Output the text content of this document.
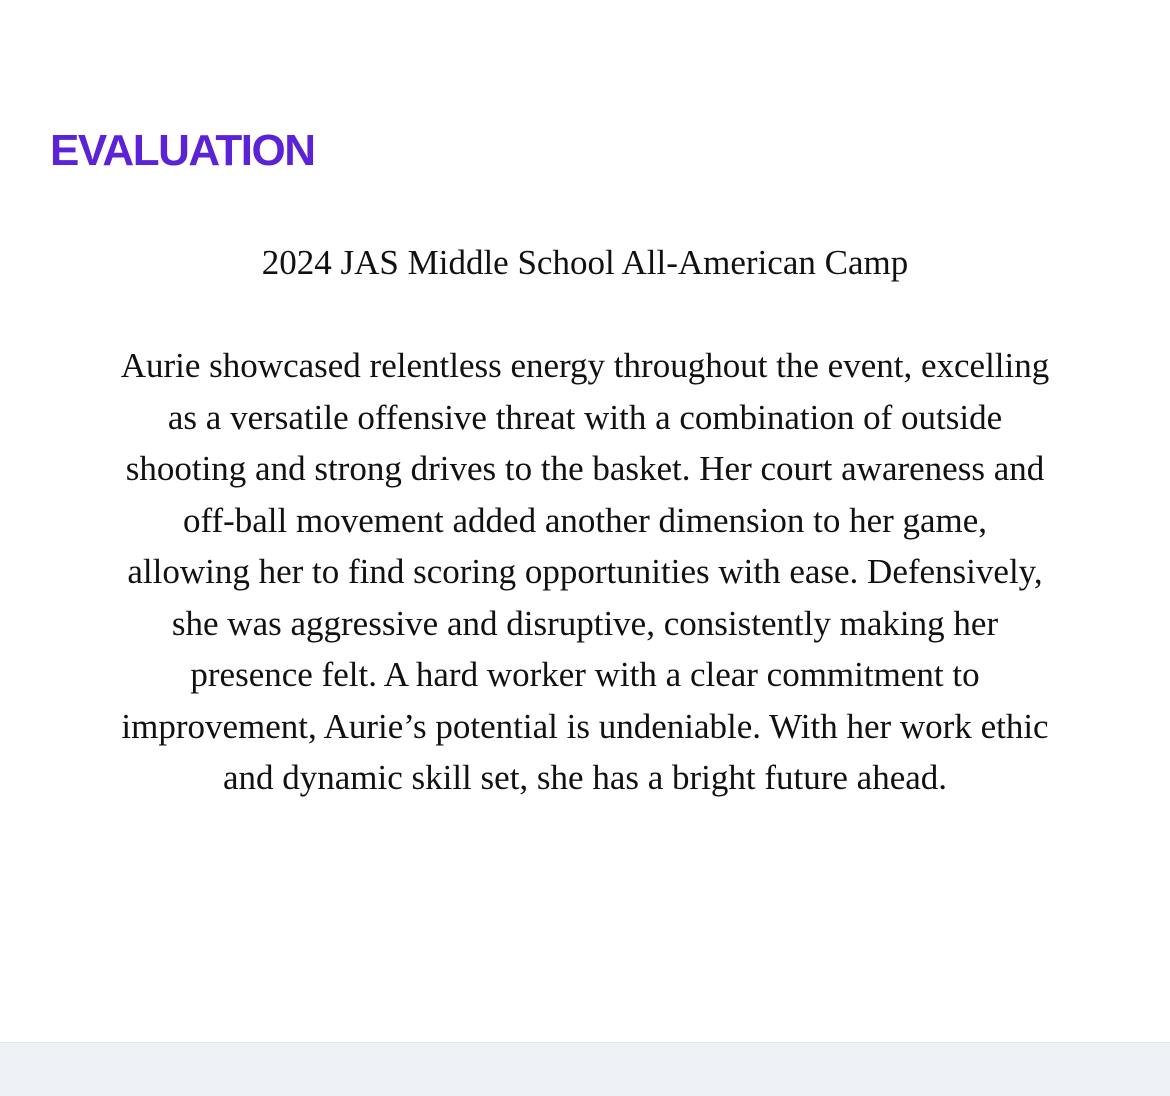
EVALUATION
2024 JAS Middle School All-American Camp

Aurie showcased relentless energy throughout the event, excelling
as a versatile offensive threat with a combination of outside
shooting and strong drives to the basket. Her court awareness and
off-ball movement added another dimension to her game,
allowing her to find scoring opportunities with ease. Defensively,
she was aggressive and disruptive, consistently making her
presence felt. A hard worker with a clear commitment to
improvement, Aurie’s potential is undeniable. With her work ethic
and dynamic skill set, she has a bright future ahead.
